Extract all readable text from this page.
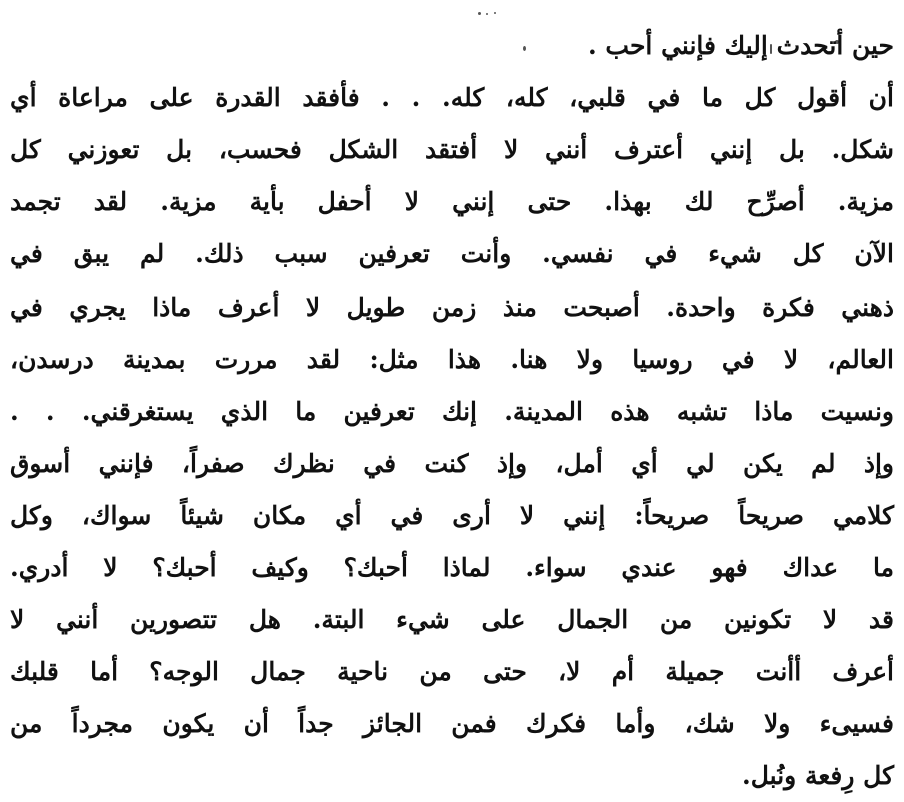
حين أتحدث إليك فإنني أحب .
أن أقول كل ما في قلبي، كله، كله. . . فأفقد القدرة على مراعاة أي
شكل. بل إنني أعترف أنني لا أفتقد الشكل فحسب، بل تعوزني كل
مزية. أصرِّح لك بهذا. حتى إنني لا أحفل بأية مزية. لقد تجمد
الآن كل شيء في نفسي. وأنت تعرفين سبب ذلك. لم يبق في
ذهني فكرة واحدة. أصبحت منذ زمن طويل لا أعرف ماذا يجري في
العالم، لا في روسيا ولا هنا. هذا مثل: لقد مررت بمدينة درسدن،
ونسيت ماذا تشبه هذه المدينة. إنك تعرفين ما الذي يستغرقني. . .
وإذ لم يكن لي أي أمل، وإذ كنت في نظرك صفراً، فإنني أسوق
كلامي صريحاً صريحاً: إنني لا أرى في أي مكان شيئاً سواك، وكل
ما عداك فهو عندي سواء. لماذا أحبك؟ وكيف أحبك؟ لا أدري.
قد لا تكونين من الجمال على شيء البتة. هل تتصورين أنني لا
أعرف أأنت جميلة أم لا، حتى من ناحية جمال الوجه؟ أما قلبك
فسيىء ولا شك، وأما فكرك فمن الجائز جداً أن يكون مجرداً من
كل رِفعة ونُبل.
